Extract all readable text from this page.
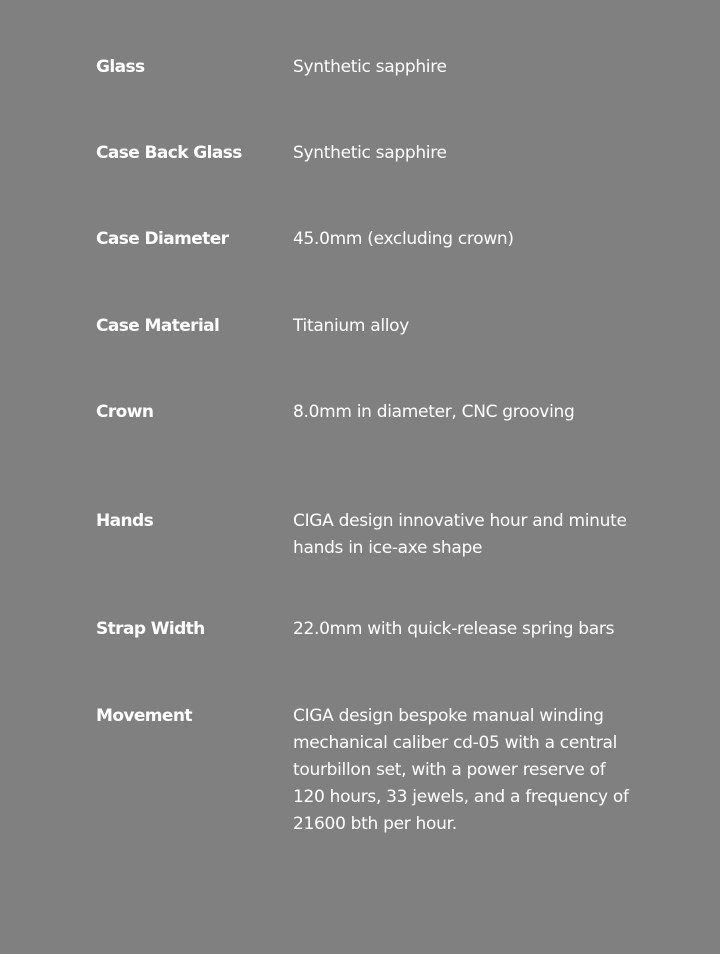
Glass	Synthetic sapphire
Case Back Glass	Synthetic sapphire
Case Diameter	45.0mm (excluding crown)
Case Material	Titanium alloy
Crown	8.0mm in diameter, CNC grooving
Hands	CIGA design innovative hour and minute hands in ice-axe shape
Strap Width	22.0mm with quick-release spring bars
Movement	CIGA design bespoke manual winding mechanical caliber cd-05 with a central tourbillon set, with a power reserve of 120 hours, 33 jewels, and a frequency of 21600 bth per hour.
